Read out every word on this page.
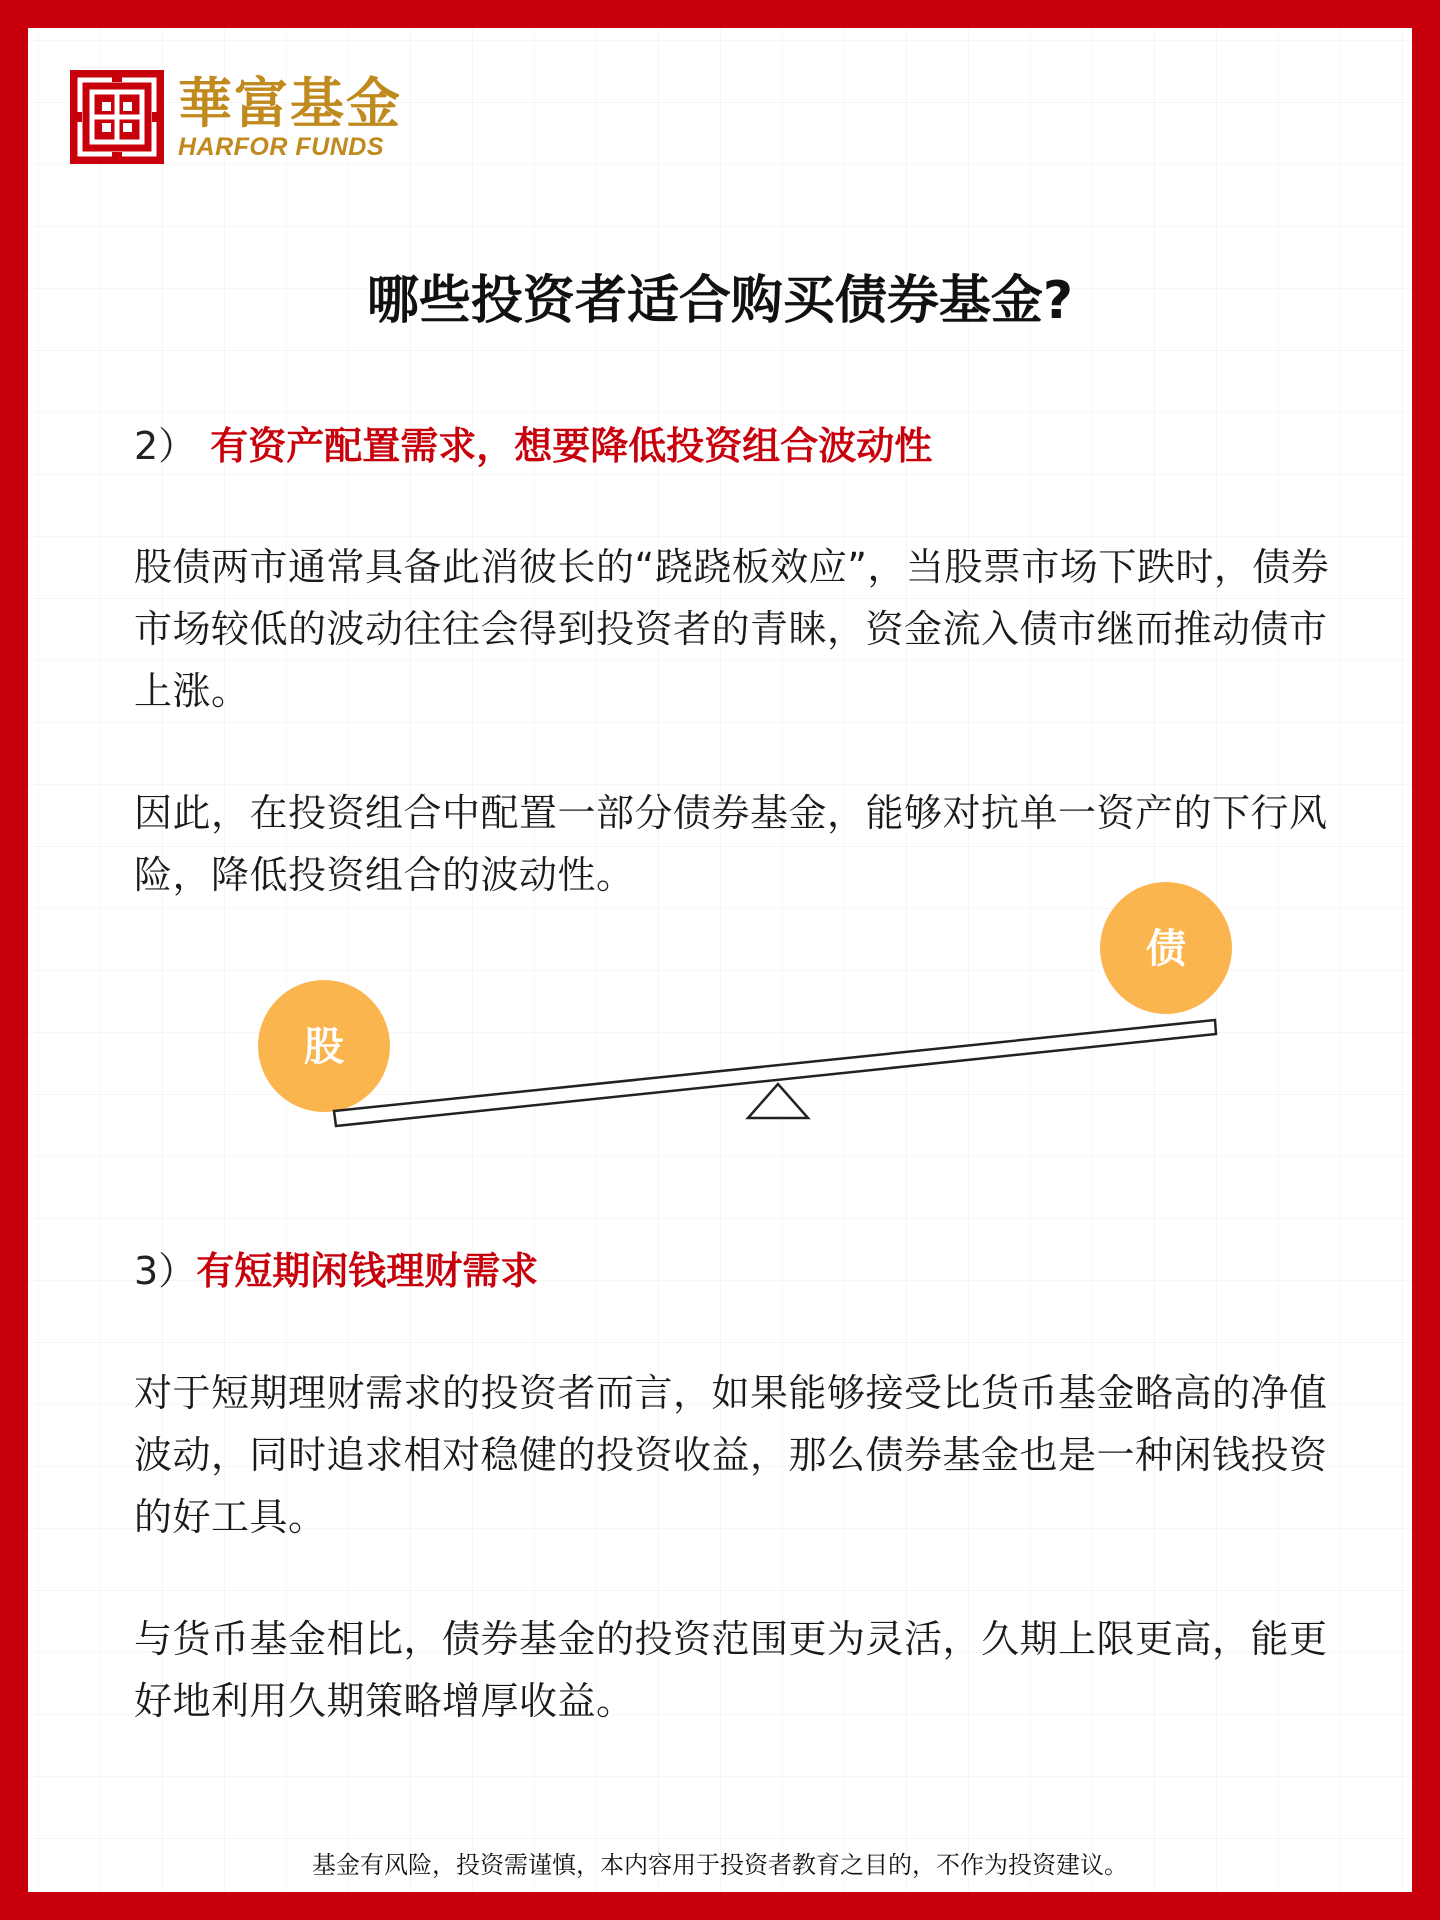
華富基金
HARFOR FUNDS
哪些投资者适合购买债券基金?
2） 有资产配置需求，想要降低投资组合波动性

股债两市通常具备此消彼长的“跷跷板效应”，当股票市场下跌时，债券市场较低的波动往往会得到投资者的青睐，资金流入债市继而推动债市上涨。

因此，在投资组合中配置一部分债券基金，能够对抗单一资产的下行风险，降低投资组合的波动性。

股
债
3）有短期闲钱理财需求

对于短期理财需求的投资者而言，如果能够接受比货币基金略高的净值波动，同时追求相对稳健的投资收益，那么债券基金也是一种闲钱投资的好工具。

与货币基金相比，债券基金的投资范围更为灵活，久期上限更高，能更好地利用久期策略增厚收益。

基金有风险，投资需谨慎，本内容用于投资者教育之目的，不作为投资建议。
